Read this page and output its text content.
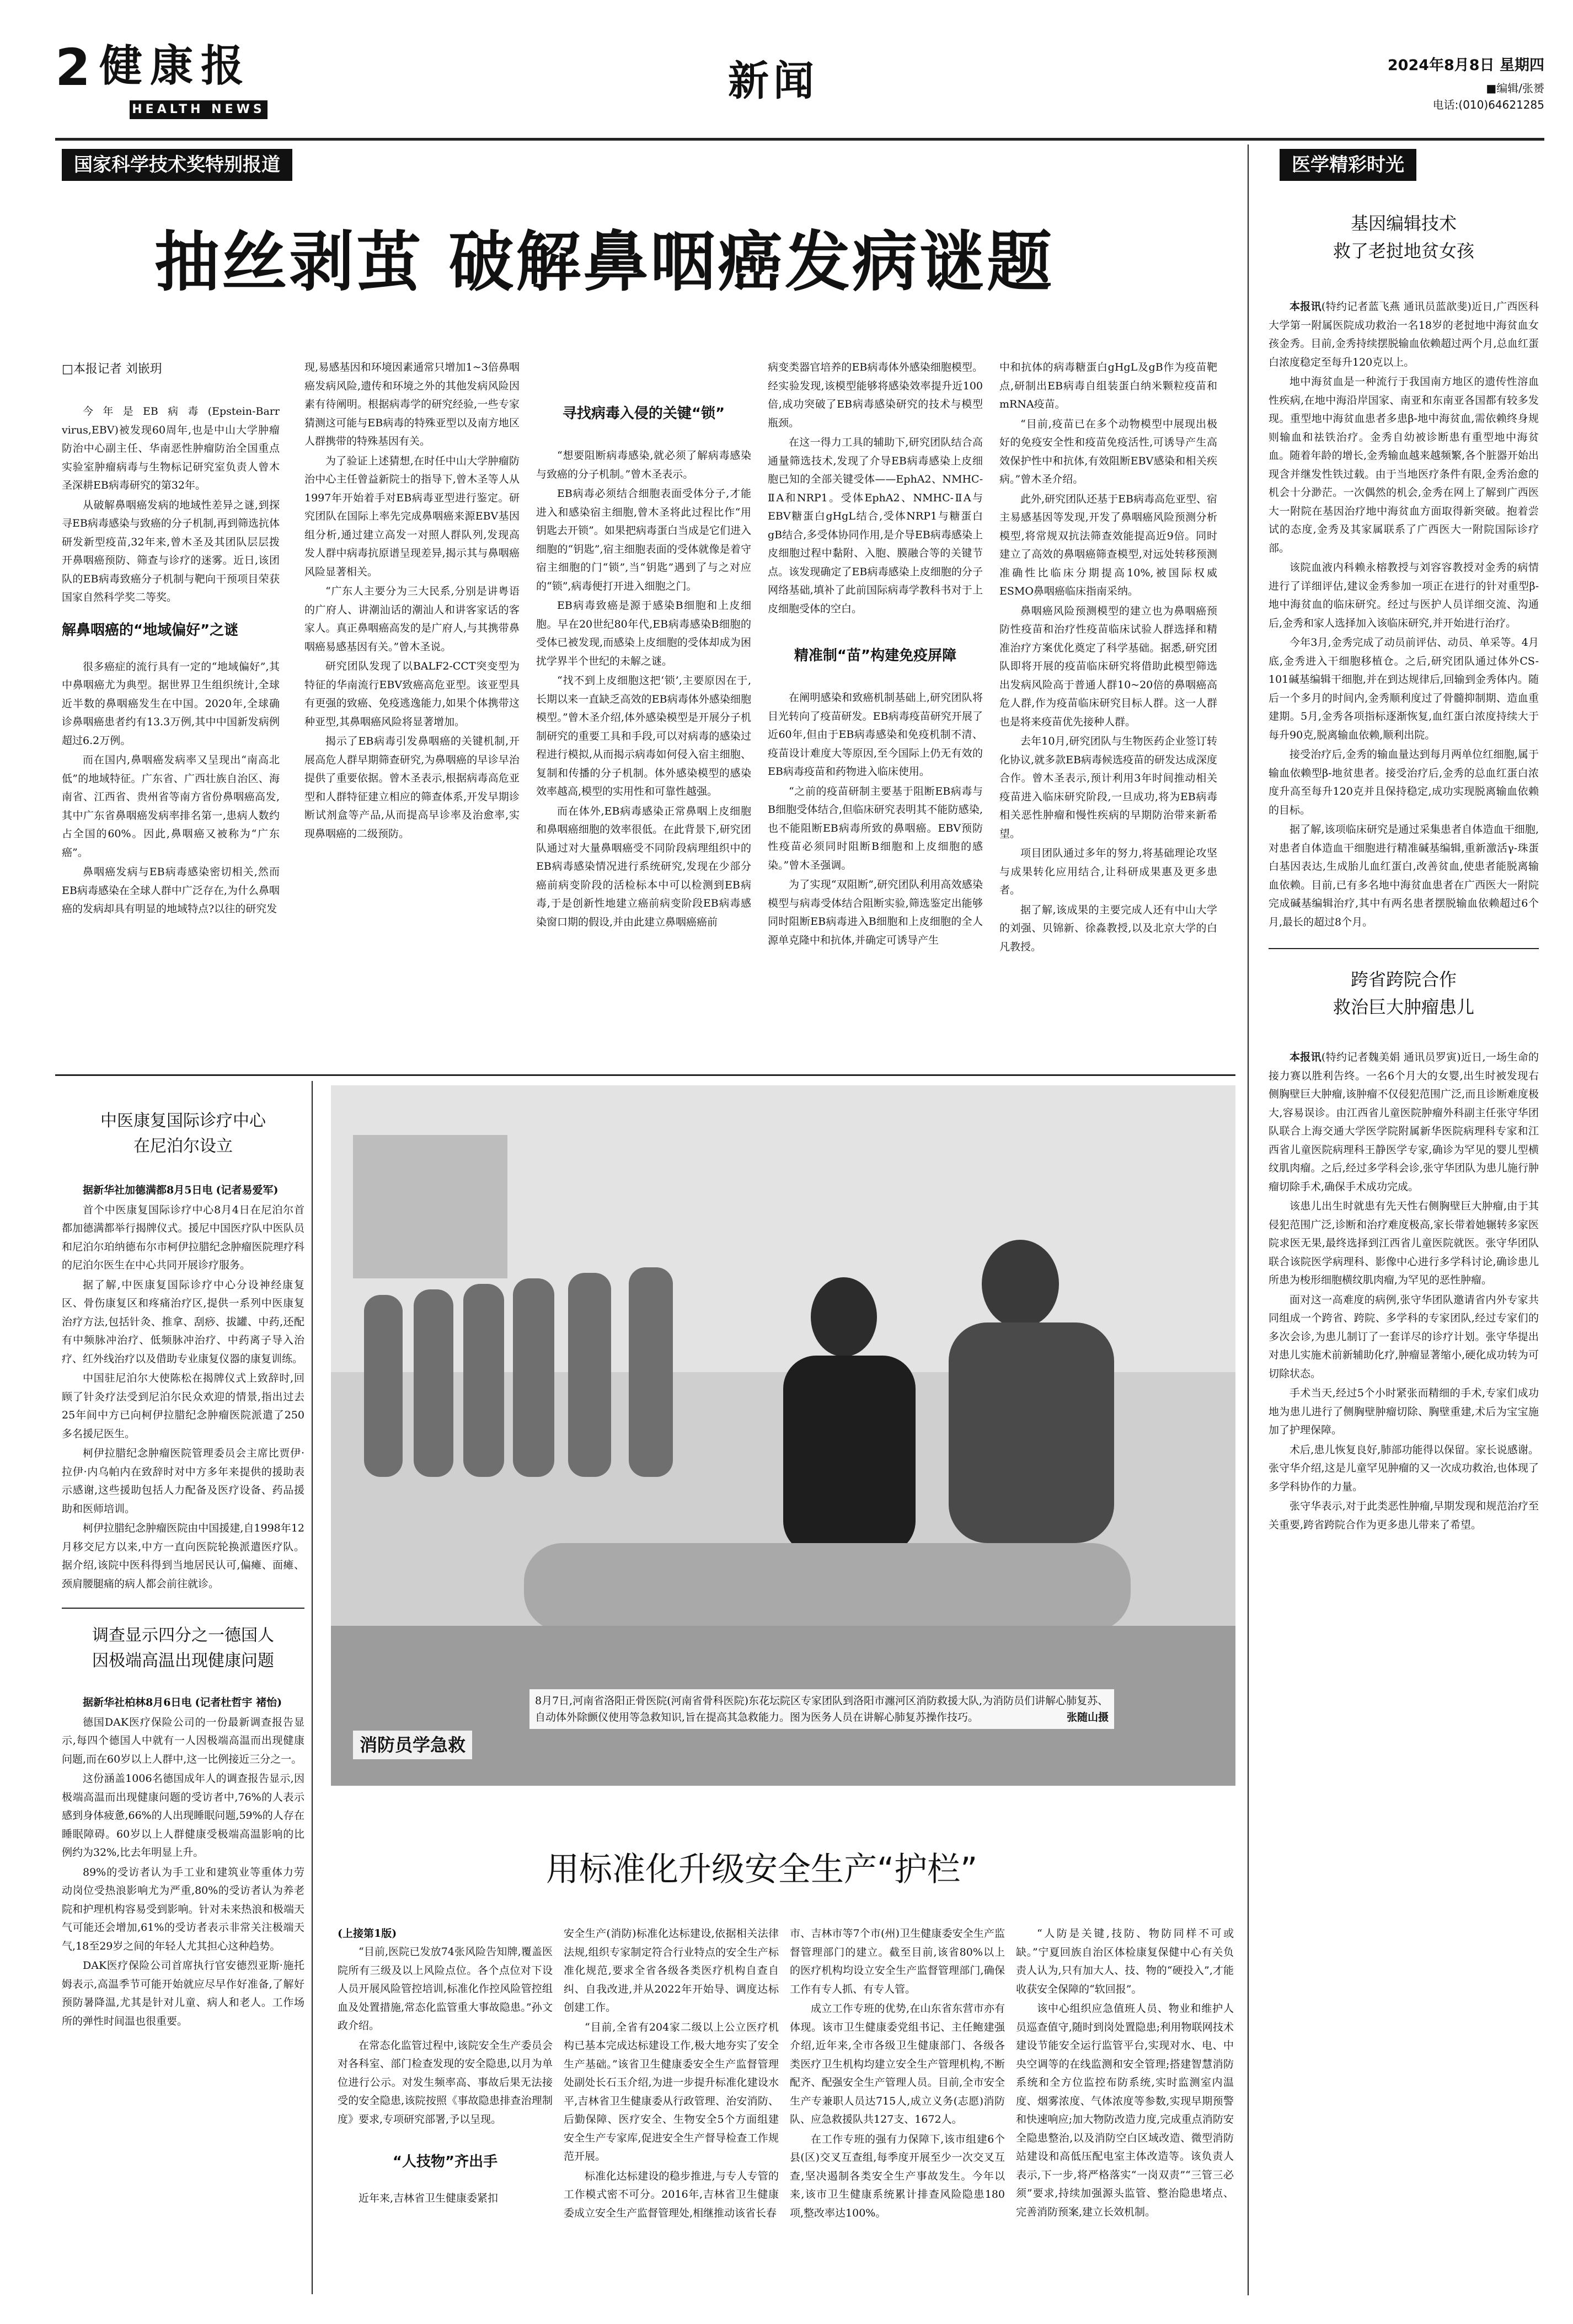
2 健康报
HEALTH NEWS
新闻	2024年8月8日 星期四
■编辑/张赟
电话:(010)64621285
国家科学技术奖特别报道
抽丝剥茧 破解鼻咽癌发病谜题
□本报记者 刘嵌玥

今年是EB病毒(Epstein-Barr virus,EBV)被发现60周年,也是中山大学肿瘤防治中心副主任、华南恶性肿瘤防治全国重点实验室肿瘤病毒与生物标记研究室负责人曾木圣深耕EB病毒研究的第32年。

从破解鼻咽癌发病的地域性差异之谜,到探寻EB病毒感染与致癌的分子机制,再到筛选抗体研发新型疫苗,32年来,曾木圣及其团队层层拨开鼻咽癌预防、筛查与诊疗的迷雾。近日,该团队的EB病毒致癌分子机制与靶向干预项目荣获国家自然科学奖二等奖。

解鼻咽癌的“地域偏好”之谜

很多癌症的流行具有一定的“地域偏好”,其中鼻咽癌尤为典型。据世界卫生组织统计,全球近半数的鼻咽癌发生在中国。2020年,全球确诊鼻咽癌患者约有13.3万例,其中中国新发病例超过6.2万例。

而在国内,鼻咽癌发病率又呈现出“南高北低”的地域特征。广东省、广西壮族自治区、海南省、江西省、贵州省等南方省份鼻咽癌高发,其中广东省鼻咽癌发病率排名第一,患病人数约占全国的60%。因此,鼻咽癌又被称为“广东癌”。

鼻咽癌发病与EB病毒感染密切相关,然而EB病毒感染在全球人群中广泛存在,为什么鼻咽癌的发病却具有明显的地域特点?以往的研究发

现,易感基因和环境因素通常只增加1~3倍鼻咽癌发病风险,遗传和环境之外的其他发病风险因素有待阐明。根据病毒学的研究经验,一些专家猜测这可能与EB病毒的特殊亚型以及南方地区人群携带的特殊基因有关。

为了验证上述猜想,在时任中山大学肿瘤防治中心主任曾益新院士的指导下,曾木圣等人从1997年开始着手对EB病毒亚型进行鉴定。研究团队在国际上率先完成鼻咽癌来源EBV基因组分析,通过建立高发一对照人群队列,发现高发人群中病毒抗原谱呈现差异,揭示其与鼻咽癌风险显著相关。

“广东人主要分为三大民系,分别是讲粤语的广府人、讲潮汕话的潮汕人和讲客家话的客家人。真正鼻咽癌高发的是广府人,与其携带鼻咽癌易感基因有关。”曾木圣说。

研究团队发现了以BALF2-CCT突变型为特征的华南流行EBV致癌高危亚型。该亚型具有更强的致癌、免疫逃逸能力,如果个体携带这种亚型,其鼻咽癌风险将显著增加。

揭示了EB病毒引发鼻咽癌的关键机制,开展高危人群早期筛查研究,为鼻咽癌的早诊早治提供了重要依据。曾木圣表示,根据病毒高危亚型和人群特征建立相应的筛查体系,开发早期诊断试剂盒等产品,从而提高早诊率及治愈率,实现鼻咽癌的二级预防。

寻找病毒入侵的关键“锁”

“想要阻断病毒感染,就必须了解病毒感染与致癌的分子机制。”曾木圣表示。

EB病毒必须结合细胞表面受体分子,才能进入和感染宿主细胞,曾木圣将此过程比作“用钥匙去开锁”。如果把病毒蛋白当成是它们进入细胞的“钥匙”,宿主细胞表面的受体就像是着守宿主细胞的门“锁”,当“钥匙”遇到了与之对应的“锁”,病毒便打开进入细胞之门。

EB病毒致癌是源于感染B细胞和上皮细胞。早在20世纪80年代,EB病毒感染B细胞的受体已被发现,而感染上皮细胞的受体却成为困扰学界半个世纪的未解之谜。

“找不到上皮细胞这把‘锁’,主要原因在于,长期以来一直缺乏高效的EB病毒体外感染细胞模型。”曾木圣介绍,体外感染模型是开展分子机制研究的重要工具和手段,可以对病毒的感染过程进行模拟,从而揭示病毒如何侵入宿主细胞、复制和传播的分子机制。体外感染模型的感染效率越高,模型的实用性和可靠性越强。

而在体外,EB病毒感染正常鼻咽上皮细胞和鼻咽癌细胞的效率很低。在此背景下,研究团队通过对大量鼻咽癌受不同阶段病理组织中的EB病毒感染情况进行系统研究,发现在少部分癌前病变阶段的活检标本中可以检测到EB病毒,于是创新性地建立癌前病变阶段EB病毒感染窗口期的假设,并由此建立鼻咽癌癌前

病变类器官培养的EB病毒体外感染细胞模型。经实验发现,该模型能够将感染效率提升近100倍,成功突破了EB病毒感染研究的技术与模型瓶颈。

在这一得力工具的辅助下,研究团队结合高通量筛选技术,发现了介导EB病毒感染上皮细胞已知的全部关键受体——EphA2、NMHC-ⅡA和NRP1。受体EphA2、NMHC-ⅡA与EBV糖蛋白gHgL结合,受体NRP1与糖蛋白gB结合,多受体协同作用,是介导EB病毒感染上皮细胞过程中黏附、入胞、膜融合等的关键节点。该发现确定了EB病毒感染上皮细胞的分子网络基础,填补了此前国际病毒学教科书对于上皮细胞受体的空白。

精准制“苗”构建免疫屏障

在阐明感染和致癌机制基础上,研究团队将目光转向了疫苗研发。EB病毒疫苗研究开展了近60年,但由于EB病毒感染和免疫机制不清、疫苗设计难度大等原因,至今国际上仍无有效的EB病毒疫苗和药物进入临床使用。

“之前的疫苗研制主要基于阻断EB病毒与B细胞受体结合,但临床研究表明其不能防感染,也不能阻断EB病毒所致的鼻咽癌。EBV预防性疫苗必须同时阻断B细胞和上皮细胞的感染。”曾木圣强调。

为了实现“双阻断”,研究团队利用高效感染模型与病毒受体结合阻断实验,筛选鉴定出能够同时阻断EB病毒进入B细胞和上皮细胞的全人源单克隆中和抗体,并确定可诱导产生

中和抗体的病毒糖蛋白gHgL及gB作为疫苗靶点,研制出EB病毒自组装蛋白纳米颗粒疫苗和mRNA疫苗。

“目前,疫苗已在多个动物模型中展现出极好的免疫安全性和疫苗免疫活性,可诱导产生高效保护性中和抗体,有效阻断EBV感染和相关疾病。”曾木圣介绍。

此外,研究团队还基于EB病毒高危亚型、宿主易感基因等发现,开发了鼻咽癌风险预测分析模型,将常规双抗法筛查效能提高近9倍。同时建立了高效的鼻咽癌筛查模型,对远处转移预测准确性比临床分期提高10%,被国际权威ESMO鼻咽癌临床指南采纳。

鼻咽癌风险预测模型的建立也为鼻咽癌预防性疫苗和治疗性疫苗临床试验人群选择和精准治疗方案优化奠定了科学基础。据悉,研究团队即将开展的疫苗临床研究将借助此模型筛选出发病风险高于普通人群10~20倍的鼻咽癌高危人群,作为疫苗临床研究目标人群。这一人群也是将来疫苗优先接种人群。

去年10月,研究团队与生物医药企业签订转化协议,就多款EB病毒候选疫苗的研发达成深度合作。曾木圣表示,预计利用3年时间推动相关疫苗进入临床研究阶段,一旦成功,将为EB病毒相关恶性肿瘤和慢性疾病的早期防治带来新希望。

项目团队通过多年的努力,将基础理论攻坚与成果转化应用结合,让科研成果惠及更多患者。

据了解,该成果的主要完成人还有中山大学的刘强、贝锦新、徐淼教授,以及北京大学的白凡教授。

中医康复国际诊疗中心
在尼泊尔设立

据新华社加德满都8月5日电 (记者易爱军)

首个中医康复国际诊疗中心8月4日在尼泊尔首都加德满都举行揭牌仪式。援尼中国医疗队中医队员和尼泊尔珀纳德布尔市柯伊拉腊纪念肿瘤医院理疗科的尼泊尔医生在中心共同开展诊疗服务。

据了解,中医康复国际诊疗中心分设神经康复区、骨伤康复区和疼痛治疗区,提供一系列中医康复治疗方法,包括针灸、推拿、刮痧、拔罐、中药,还配有中频脉冲治疗、低频脉冲治疗、中药离子导入治疗、红外线治疗以及借助专业康复仪器的康复训练。

中国驻尼泊尔大使陈松在揭牌仪式上致辞时,回顾了针灸疗法受到尼泊尔民众欢迎的情景,指出过去25年间中方已向柯伊拉腊纪念肿瘤医院派遣了250多名援尼医生。

柯伊拉腊纪念肿瘤医院管理委员会主席比贾伊·拉伊·内乌帕内在致辞时对中方多年来提供的援助表示感谢,这些援助包括人力配备及医疗设备、药品援助和医师培训。

柯伊拉腊纪念肿瘤医院由中国援建,自1998年12月移交尼方以来,中方一直向医院轮换派遣医疗队。据介绍,该院中医科得到当地居民认可,偏瘫、面瘫、颈肩腰腿痛的病人都会前往就诊。

调查显示四分之一德国人
因极端高温出现健康问题

据新华社柏林8月6日电 (记者杜哲宇 褚怡)

德国DAK医疗保险公司的一份最新调查报告显示,每四个德国人中就有一人因极端高温而出现健康问题,而在60岁以上人群中,这一比例接近三分之一。

这份涵盖1006名德国成年人的调查报告显示,因极端高温而出现健康问题的受访者中,76%的人表示感到身体疲惫,66%的人出现睡眠问题,59%的人存在睡眠障碍。60岁以上人群健康受极端高温影响的比例约为32%,比去年明显上升。

89%的受访者认为手工业和建筑业等重体力劳动岗位受热浪影响尤为严重,80%的受访者认为养老院和护理机构容易受到影响。针对未来热浪和极端天气可能还会增加,61%的受访者表示非常关注极端天气,18至29岁之间的年轻人尤其担心这种趋势。

DAK医疗保险公司首席执行官安德烈亚斯·施托姆表示,高温季节可能开始就应尽早作好准备,了解好预防暑降温,尤其是针对儿童、病人和老人。工作场所的弹性时间温也很重要。

消防员学急救
8月7日,河南省洛阳正骨医院(河南省骨科医院)东花坛院区专家团队到洛阳市瀍河区消防救援大队,为消防员们讲解心肺复苏、自动体外除颤仪使用等急救知识,旨在提高其急救能力。图为医务人员在讲解心肺复苏操作技巧。	张随山摄
用标准化升级安全生产“护栏”
(上接第1版)

“目前,医院已发放74张风险告知牌,覆盖医院所有三级及以上风险点位。各个点位对下设人员开展风险管控培训,标准化作控风险管控组血及处置措施,常态化监管重大事故隐患。”孙文政介绍。

在常态化监管过程中,该院安全生产委员会对各科室、部门检查发现的安全隐患,以月为单位进行公示。对发生频率高、事故后果无法接受的安全隐患,该院按照《事故隐患排查治理制度》要求,专项研究部署,予以呈现。

“人技物”齐出手

近年来,吉林省卫生健康委紧扣

安全生产(消防)标准化达标建设,依据相关法律法规,组织专家制定符合行业特点的安全生产标准化规范,要求全省各级各类医疗机构自查自纠、自我改进,并从2022年开始导、调度达标创建工作。

“目前,全省有204家二级以上公立医疗机构已基本完成达标建设工作,极大地夯实了安全生产基础。”该省卫生健康委安全生产监督管理处副处长石玉介绍,为进一步提升标准化建设水平,吉林省卫生健康委从行政管理、治安消防、后勤保障、医疗安全、生物安全5个方面组建安全生产专家库,促进安全生产督导检查工作规范开展。

标准化达标建设的稳步推进,与专人专管的工作模式密不可分。2016年,吉林省卫生健康委成立安全生产监督管理处,相继推动该省长春

市、吉林市等7个市(州)卫生健康委安全生产监督管理部门的建立。截至目前,该省80%以上的医疗机构均设立安全生产监督管理部门,确保工作有专人抓、有专人管。

成立工作专班的优势,在山东省东营市亦有体现。该市卫生健康委党组书记、主任鲍建强介绍,近年来,全市各级卫生健康部门、各级各类医疗卫生机构均建立安全生产管理机构,不断配齐、配强安全生产管理人员。目前,全市安全生产专兼职人员达715人,成立义务(志愿)消防队、应急救援队共127支、1672人。

在工作专班的强有力保障下,该市组建6个县(区)交叉互查组,每季度开展至少一次交叉互查,坚决遏制各类安全生产事故发生。今年以来,该市卫生健康系统累计排查风险隐患180项,整改率达100%。

“人防是关键,技防、物防同样不可或缺。”宁夏回族自治区体检康复保健中心有关负责人认为,只有加大人、技、物的“硬投入”,才能收获安全保障的“软回报”。

该中心组织应急值班人员、物业和维护人员巡查值守,随时到岗处置隐患;利用物联网技术建设节能安全运行监管平台,实现对水、电、中央空调等的在线监测和安全管理;搭建智慧消防系统和全方位监控布防系统,实时监测室内温度、烟雾浓度、气体浓度等参数,实现早期预警和快速响应;加大物防改造力度,完成重点消防安全隐患整治,以及消防空白区域改造、微型消防站建设和高低压配电室主体改造等。该负责人表示,下一步,将严格落实“一岗双责”“三管三必须”要求,持续加强源头监管、整治隐患堵点、完善消防预案,建立长效机制。

医学精彩时光
基因编辑技术
救了老挝地贫女孩

本报讯(特约记者蓝飞燕 通讯员蓝歆斐)近日,广西医科大学第一附属医院成功救治一名18岁的老挝地中海贫血女孩金秀。目前,金秀持续摆脱输血依赖超过两个月,总血红蛋白浓度稳定至每升120克以上。

地中海贫血是一种流行于我国南方地区的遗传性溶血性疾病,在地中海沿岸国家、南亚和东南亚各国都有较多发现。重型地中海贫血患者多患β-地中海贫血,需依赖终身规则输血和祛铁治疗。金秀自幼被诊断患有重型地中海贫血。随着年龄的增长,金秀输血越来越频繁,各个脏器开始出现含并继发性铁过载。由于当地医疗条件有限,金秀治愈的机会十分渺茫。一次偶然的机会,金秀在网上了解到广西医大一附院在基因治疗地中海贫血方面取得新突破。抱着尝试的态度,金秀及其家属联系了广西医大一附院国际诊疗部。

该院血液内科赖永榕教授与刘容容教授对金秀的病情进行了详细评估,建议金秀参加一项正在进行的针对重型β-地中海贫血的临床研究。经过与医护人员详细交流、沟通后,金秀和家人选择加入该临床研究,并开始进行治疗。

今年3月,金秀完成了动员前评估、动员、单采等。4月底,金秀进入干细胞移植仓。之后,研究团队通过体外CS-101碱基编辑干细胞,并在到达规律后,回输到金秀体内。随后一个多月的时间内,金秀顺利度过了骨髓抑制期、造血重建期。5月,金秀各项指标逐渐恢复,血红蛋白浓度持续大于每升90克,脱离输血依赖,顺利出院。

接受治疗后,金秀的输血量达到每月两单位红细胞,属于输血依赖型β-地贫患者。接受治疗后,金秀的总血红蛋白浓度升高至每升120克并且保持稳定,成功实现脱离输血依赖的目标。

据了解,该项临床研究是通过采集患者自体造血干细胞,对患者自体造血干细胞进行精准碱基编辑,重新激活γ-珠蛋白基因表达,生成胎儿血红蛋白,改善贫血,使患者能脱离输血依赖。目前,已有多名地中海贫血患者在广西医大一附院完成碱基编辑治疗,其中有两名患者摆脱输血依赖超过6个月,最长的超过8个月。

跨省跨院合作
救治巨大肿瘤患儿

本报讯(特约记者魏美娟 通讯员罗寅)近日,一场生命的接力赛以胜利告终。一名6个月大的女婴,出生时被发现右侧胸壁巨大肿瘤,该肿瘤不仅侵犯范围广泛,而且诊断难度极大,容易误诊。由江西省儿童医院肿瘤外科副主任张守华团队联合上海交通大学医学院附属新华医院病理科专家和江西省儿童医院病理科王静医学专家,确诊为罕见的婴儿型横纹肌肉瘤。之后,经过多学科会诊,张守华团队为患儿施行肿瘤切除手术,确保手术成功完成。

该患儿出生时就患有先天性右侧胸壁巨大肿瘤,由于其侵犯范围广泛,诊断和治疗难度极高,家长带着她辗转多家医院求医无果,最终选择到江西省儿童医院就医。张守华团队联合该院医学病理科、影像中心进行多学科讨论,确诊患儿所患为梭形细胞横纹肌肉瘤,为罕见的恶性肿瘤。

面对这一高难度的病例,张守华团队邀请省内外专家共同组成一个跨省、跨院、多学科的专家团队,经过专家们的多次会诊,为患儿制订了一套详尽的诊疗计划。张守华提出对患儿实施术前新辅助化疗,肿瘤显著缩小,硬化成功转为可切除状态。

手术当天,经过5个小时紧张而精细的手术,专家们成功地为患儿进行了侧胸壁肿瘤切除、胸壁重建,术后为宝宝施加了护理保障。

术后,患儿恢复良好,肺部功能得以保留。家长说感谢。张守华介绍,这是儿童罕见肿瘤的又一次成功救治,也体现了多学科协作的力量。

张守华表示,对于此类恶性肿瘤,早期发现和规范治疗至关重要,跨省跨院合作为更多患儿带来了希望。
